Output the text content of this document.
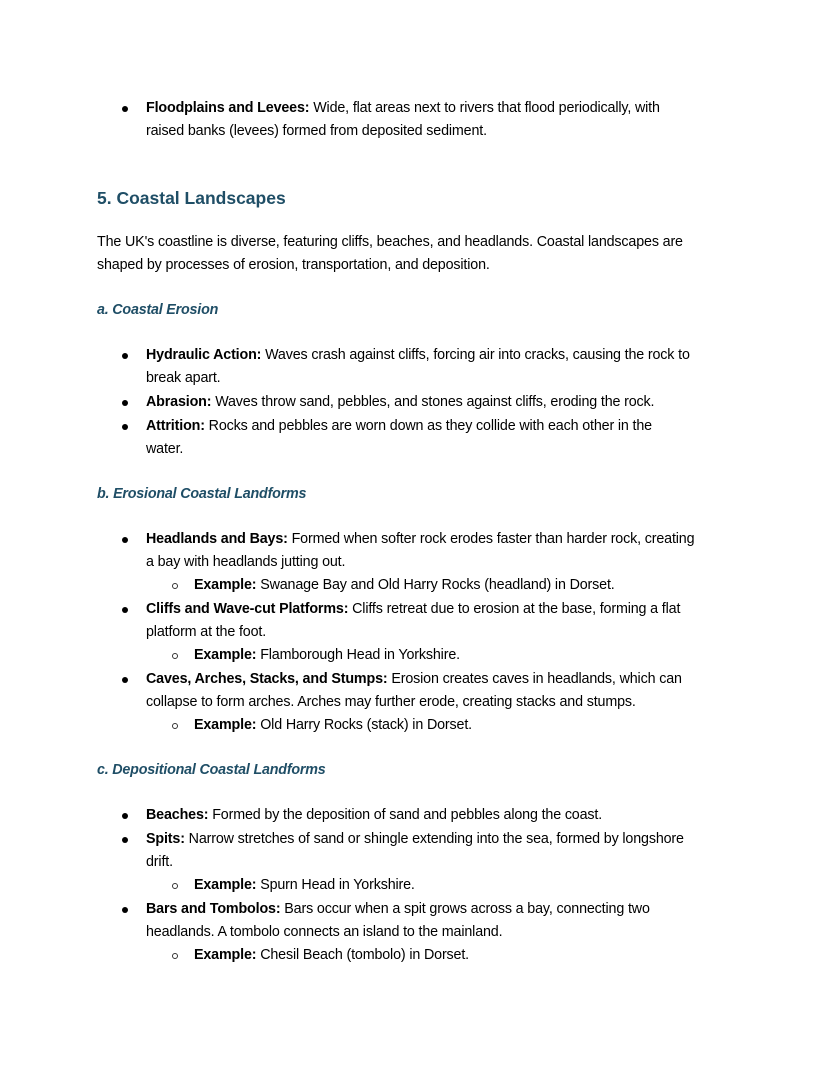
Floodplains and Levees: Wide, flat areas next to rivers that flood periodically, with
raised banks (levees) formed from deposited sediment.
5. Coastal Landscapes
The UK's coastline is diverse, featuring cliffs, beaches, and headlands. Coastal landscapes are
shaped by processes of erosion, transportation, and deposition.
a. Coastal Erosion
Hydraulic Action: Waves crash against cliffs, forcing air into cracks, causing the rock to
break apart.
Abrasion: Waves throw sand, pebbles, and stones against cliffs, eroding the rock.
Attrition: Rocks and pebbles are worn down as they collide with each other in the
water.
b. Erosional Coastal Landforms
Headlands and Bays: Formed when softer rock erodes faster than harder rock, creating
a bay with headlands jutting out.
Example: Swanage Bay and Old Harry Rocks (headland) in Dorset.
Cliffs and Wave-cut Platforms: Cliffs retreat due to erosion at the base, forming a flat
platform at the foot.
Example: Flamborough Head in Yorkshire.
Caves, Arches, Stacks, and Stumps: Erosion creates caves in headlands, which can
collapse to form arches. Arches may further erode, creating stacks and stumps.
Example: Old Harry Rocks (stack) in Dorset.
c. Depositional Coastal Landforms
Beaches: Formed by the deposition of sand and pebbles along the coast.
Spits: Narrow stretches of sand or shingle extending into the sea, formed by longshore
drift.
Example: Spurn Head in Yorkshire.
Bars and Tombolos: Bars occur when a spit grows across a bay, connecting two
headlands. A tombolo connects an island to the mainland.
Example: Chesil Beach (tombolo) in Dorset.
